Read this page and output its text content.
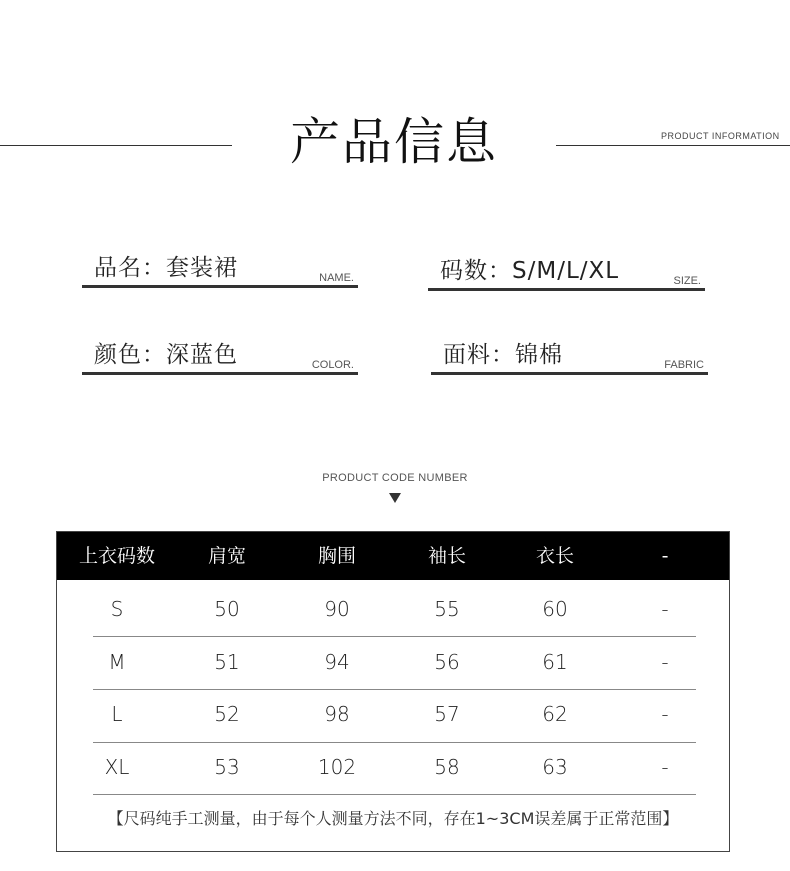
产品信息	PRODUCT INFORMATION
品名：套装裙	NAME.	码数：S/M/L/XL	SIZE.
颜色：深蓝色	COLOR.	面料：锦棉	FABRIC
PRODUCT CODE NUMBER
上衣码数	肩宽	胸围	袖长	衣长	-
S	50	90	55	60	-
M	51	94	56	61	-
L	52	98	57	62	-
XL	53	102	58	63	-
【尺码纯手工测量，由于每个人测量方法不同，存在1~3CM误差属于正常范围】
